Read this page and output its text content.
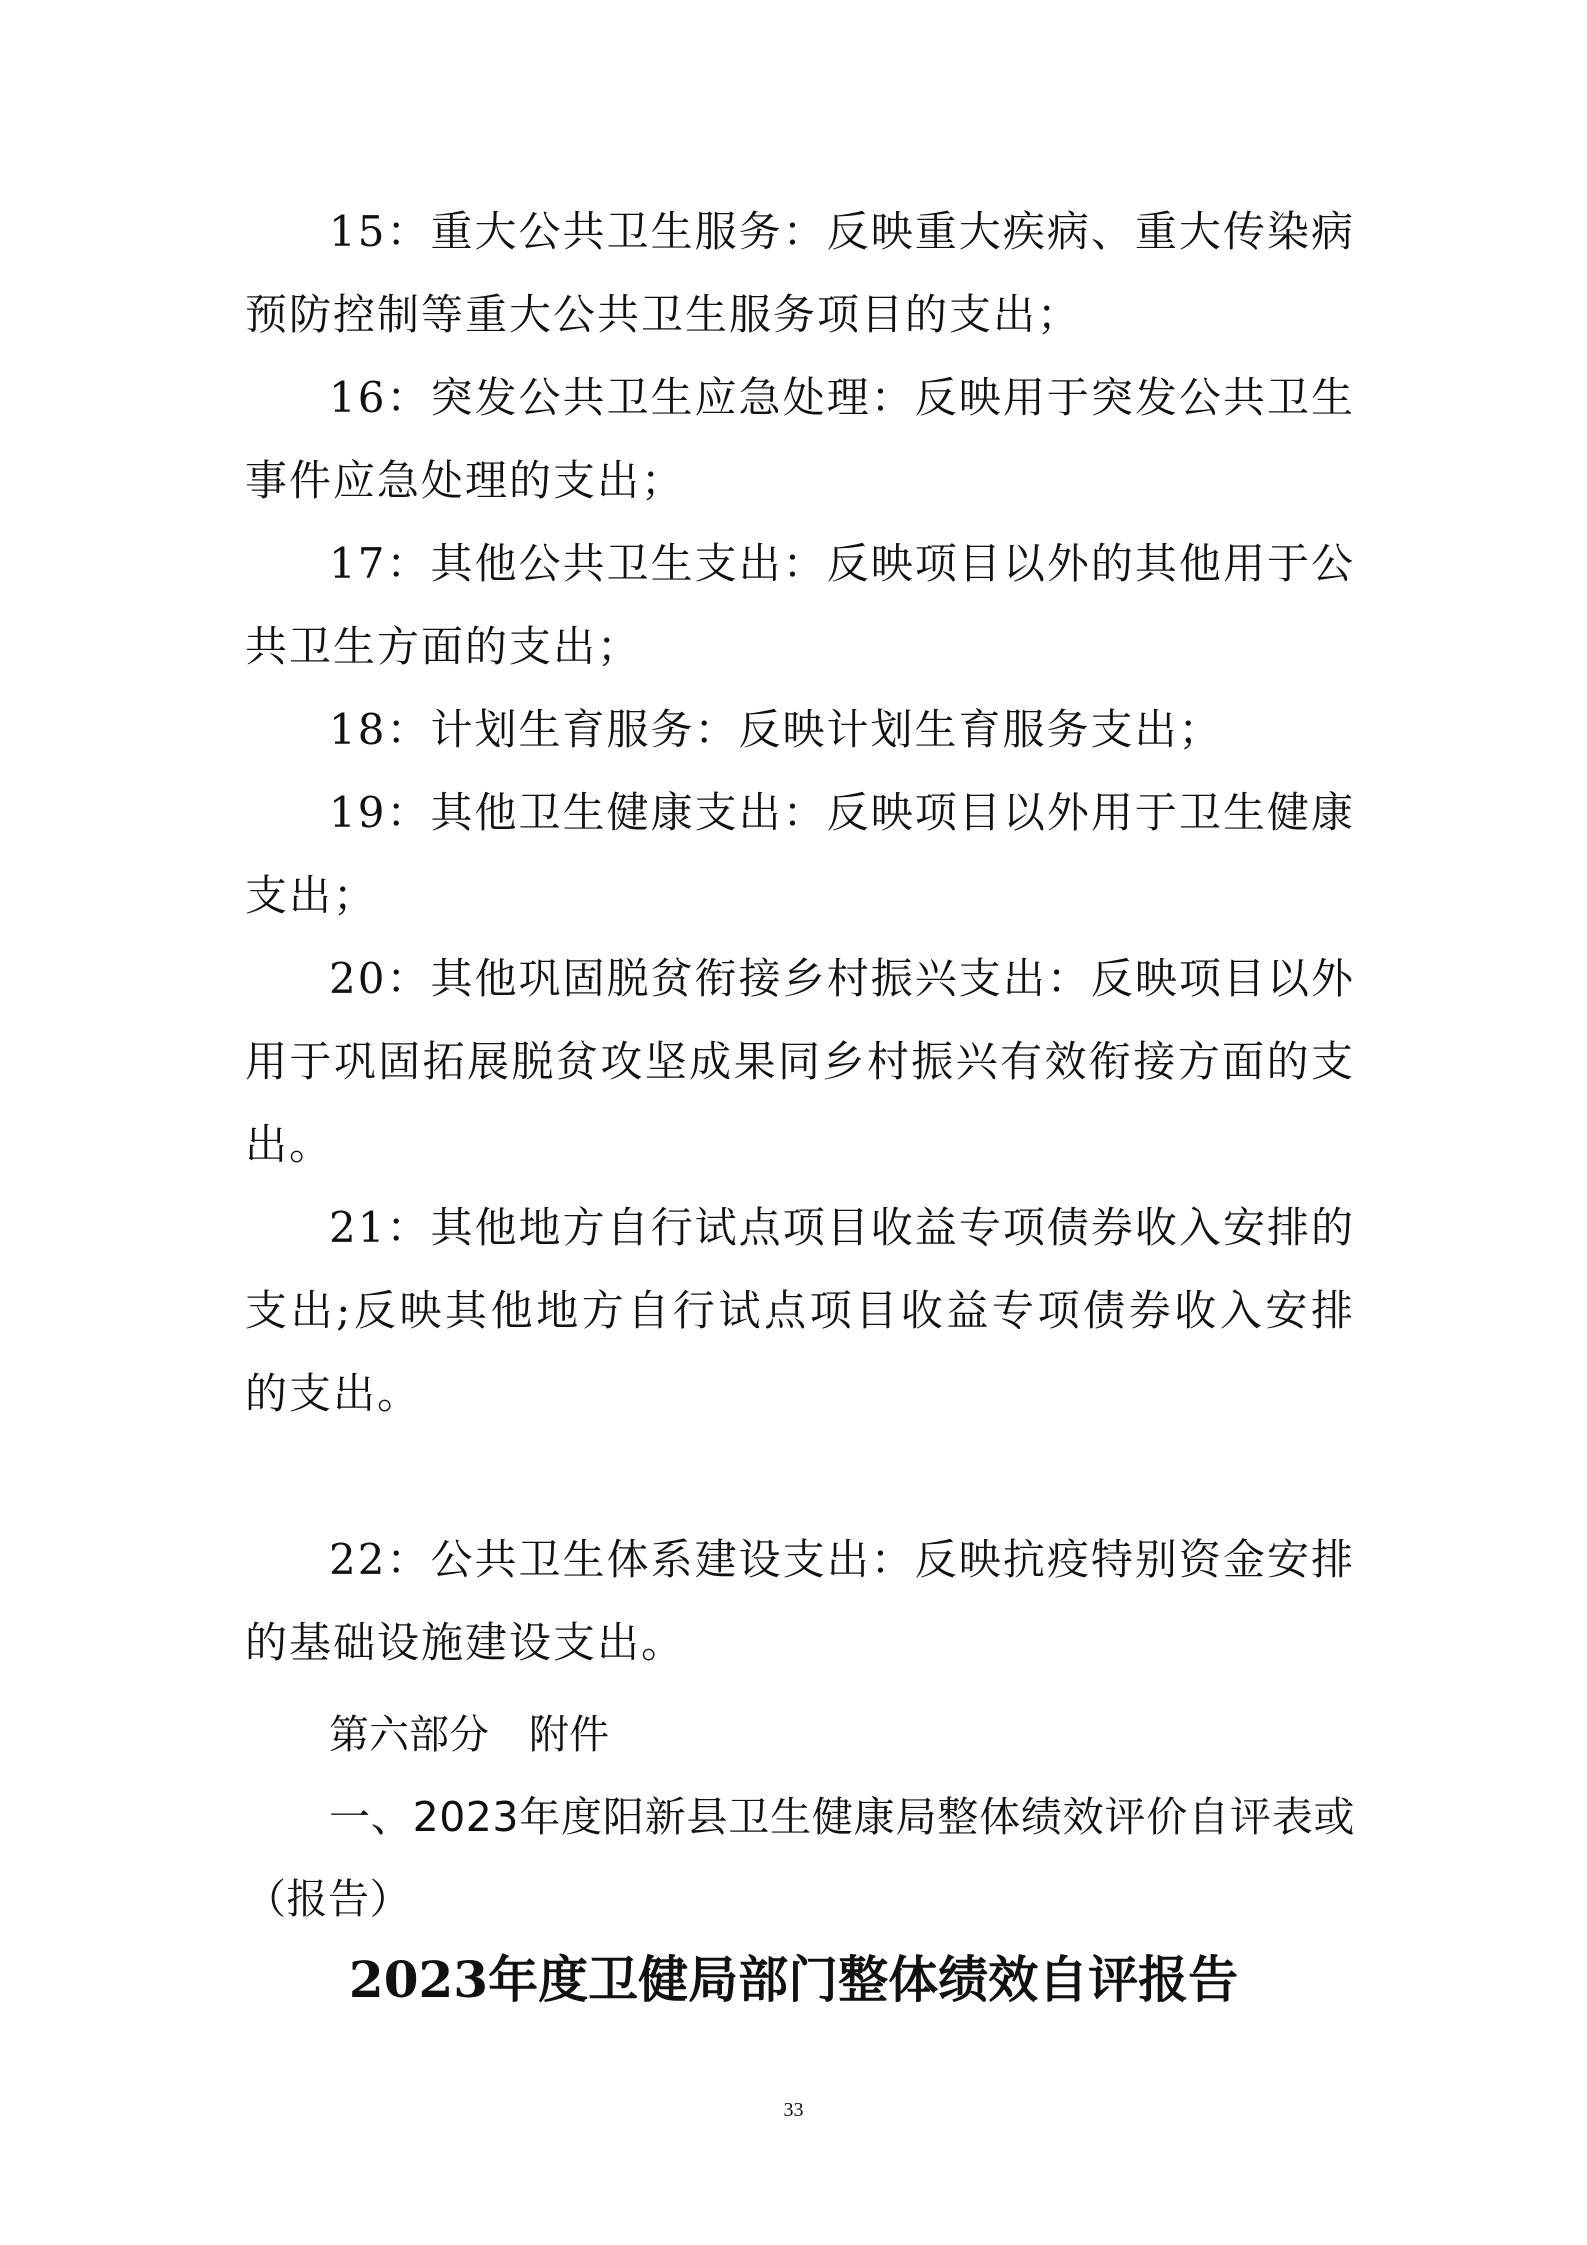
15：重大公共卫生服务：反映重大疾病、重大传染病预防控制等重大公共卫生服务项目的支出；

16：突发公共卫生应急处理：反映用于突发公共卫生事件应急处理的支出；

17：其他公共卫生支出：反映项目以外的其他用于公共卫生方面的支出；

18：计划生育服务：反映计划生育服务支出；

19：其他卫生健康支出：反映项目以外用于卫生健康支出；

20：其他巩固脱贫衔接乡村振兴支出：反映项目以外用于巩固拓展脱贫攻坚成果同乡村振兴有效衔接方面的支出。

21：其他地方自行试点项目收益专项债券收入安排的支出;反映其他地方自行试点项目收益专项债券收入安排的支出。

22：公共卫生体系建设支出：反映抗疫特别资金安排的基础设施建设支出。

第六部分　附件
一、2023年度阳新县卫生健康局整体绩效评价自评表或（报告）
2023年度卫健局部门整体绩效自评报告
33
